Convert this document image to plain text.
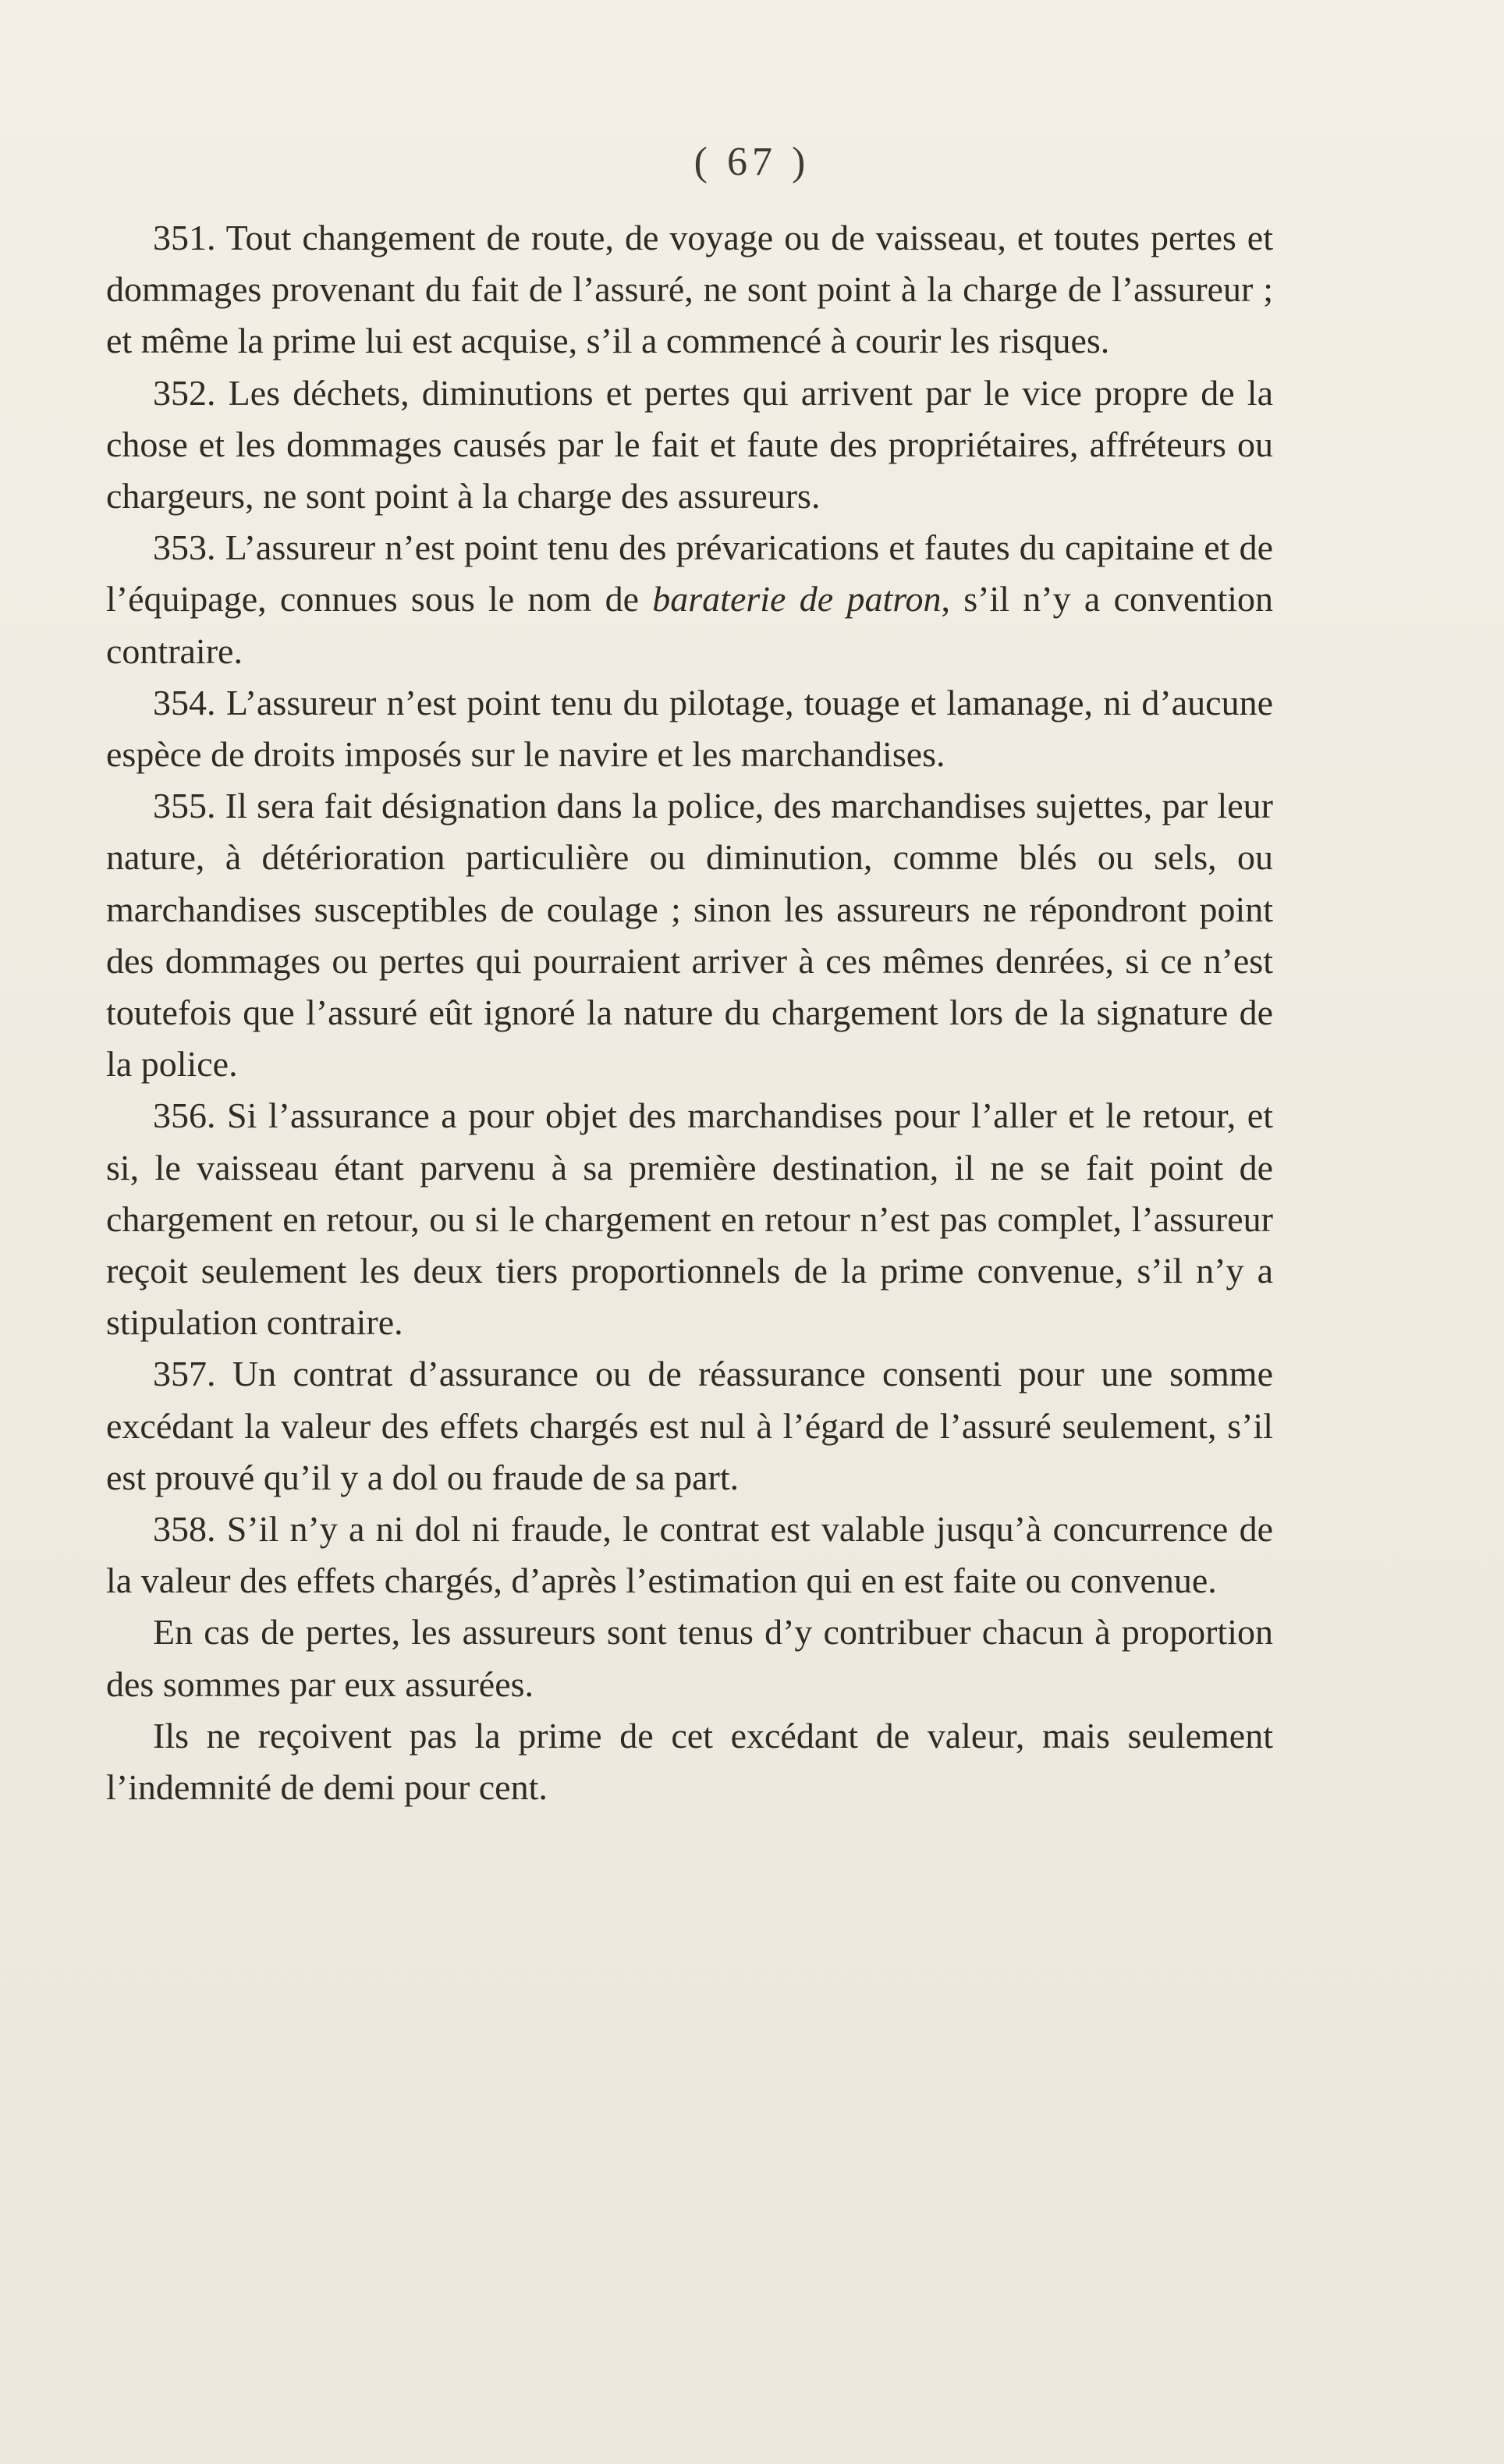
( 67 )

351. Tout changement de route, de voyage ou de vaisseau, et toutes pertes et dommages provenant du fait de l’assuré, ne sont point à la charge de l’assureur ; et même la prime lui est acquise, s’il a commencé à courir les risques.

352. Les déchets, diminutions et pertes qui arrivent par le vice propre de la chose et les dommages causés par le fait et faute des propriétaires, affréteurs ou chargeurs, ne sont point à la charge des assureurs.

353. L’assureur n’est point tenu des prévarications et fautes du capitaine et de l’équipage, connues sous le nom de baraterie de patron, s’il n’y a convention contraire.

354. L’assureur n’est point tenu du pilotage, touage et lamanage, ni d’aucune espèce de droits imposés sur le navire et les marchandises.

355. Il sera fait désignation dans la police, des marchandises sujettes, par leur nature, à détérioration particulière ou diminution, comme blés ou sels, ou marchandises susceptibles de coulage ; sinon les assureurs ne répondront point des dommages ou pertes qui pourraient arriver à ces mêmes denrées, si ce n’est toutefois que l’assuré eût ignoré la nature du chargement lors de la signature de la police.

356. Si l’assurance a pour objet des marchandises pour l’aller et le retour, et si, le vaisseau étant parvenu à sa première destination, il ne se fait point de chargement en retour, ou si le chargement en retour n’est pas complet, l’assureur reçoit seulement les deux tiers proportionnels de la prime convenue, s’il n’y a stipulation contraire.

357. Un contrat d’assurance ou de réassurance consenti pour une somme excédant la valeur des effets chargés est nul à l’égard de l’assuré seulement, s’il est prouvé qu’il y a dol ou fraude de sa part.

358. S’il n’y a ni dol ni fraude, le contrat est valable jusqu’à concurrence de la valeur des effets chargés, d’après l’estimation qui en est faite ou convenue.

En cas de pertes, les assureurs sont tenus d’y contribuer chacun à proportion des sommes par eux assurées.

Ils ne reçoivent pas la prime de cet excédant de valeur, mais seulement l’indemnité de demi pour cent.
